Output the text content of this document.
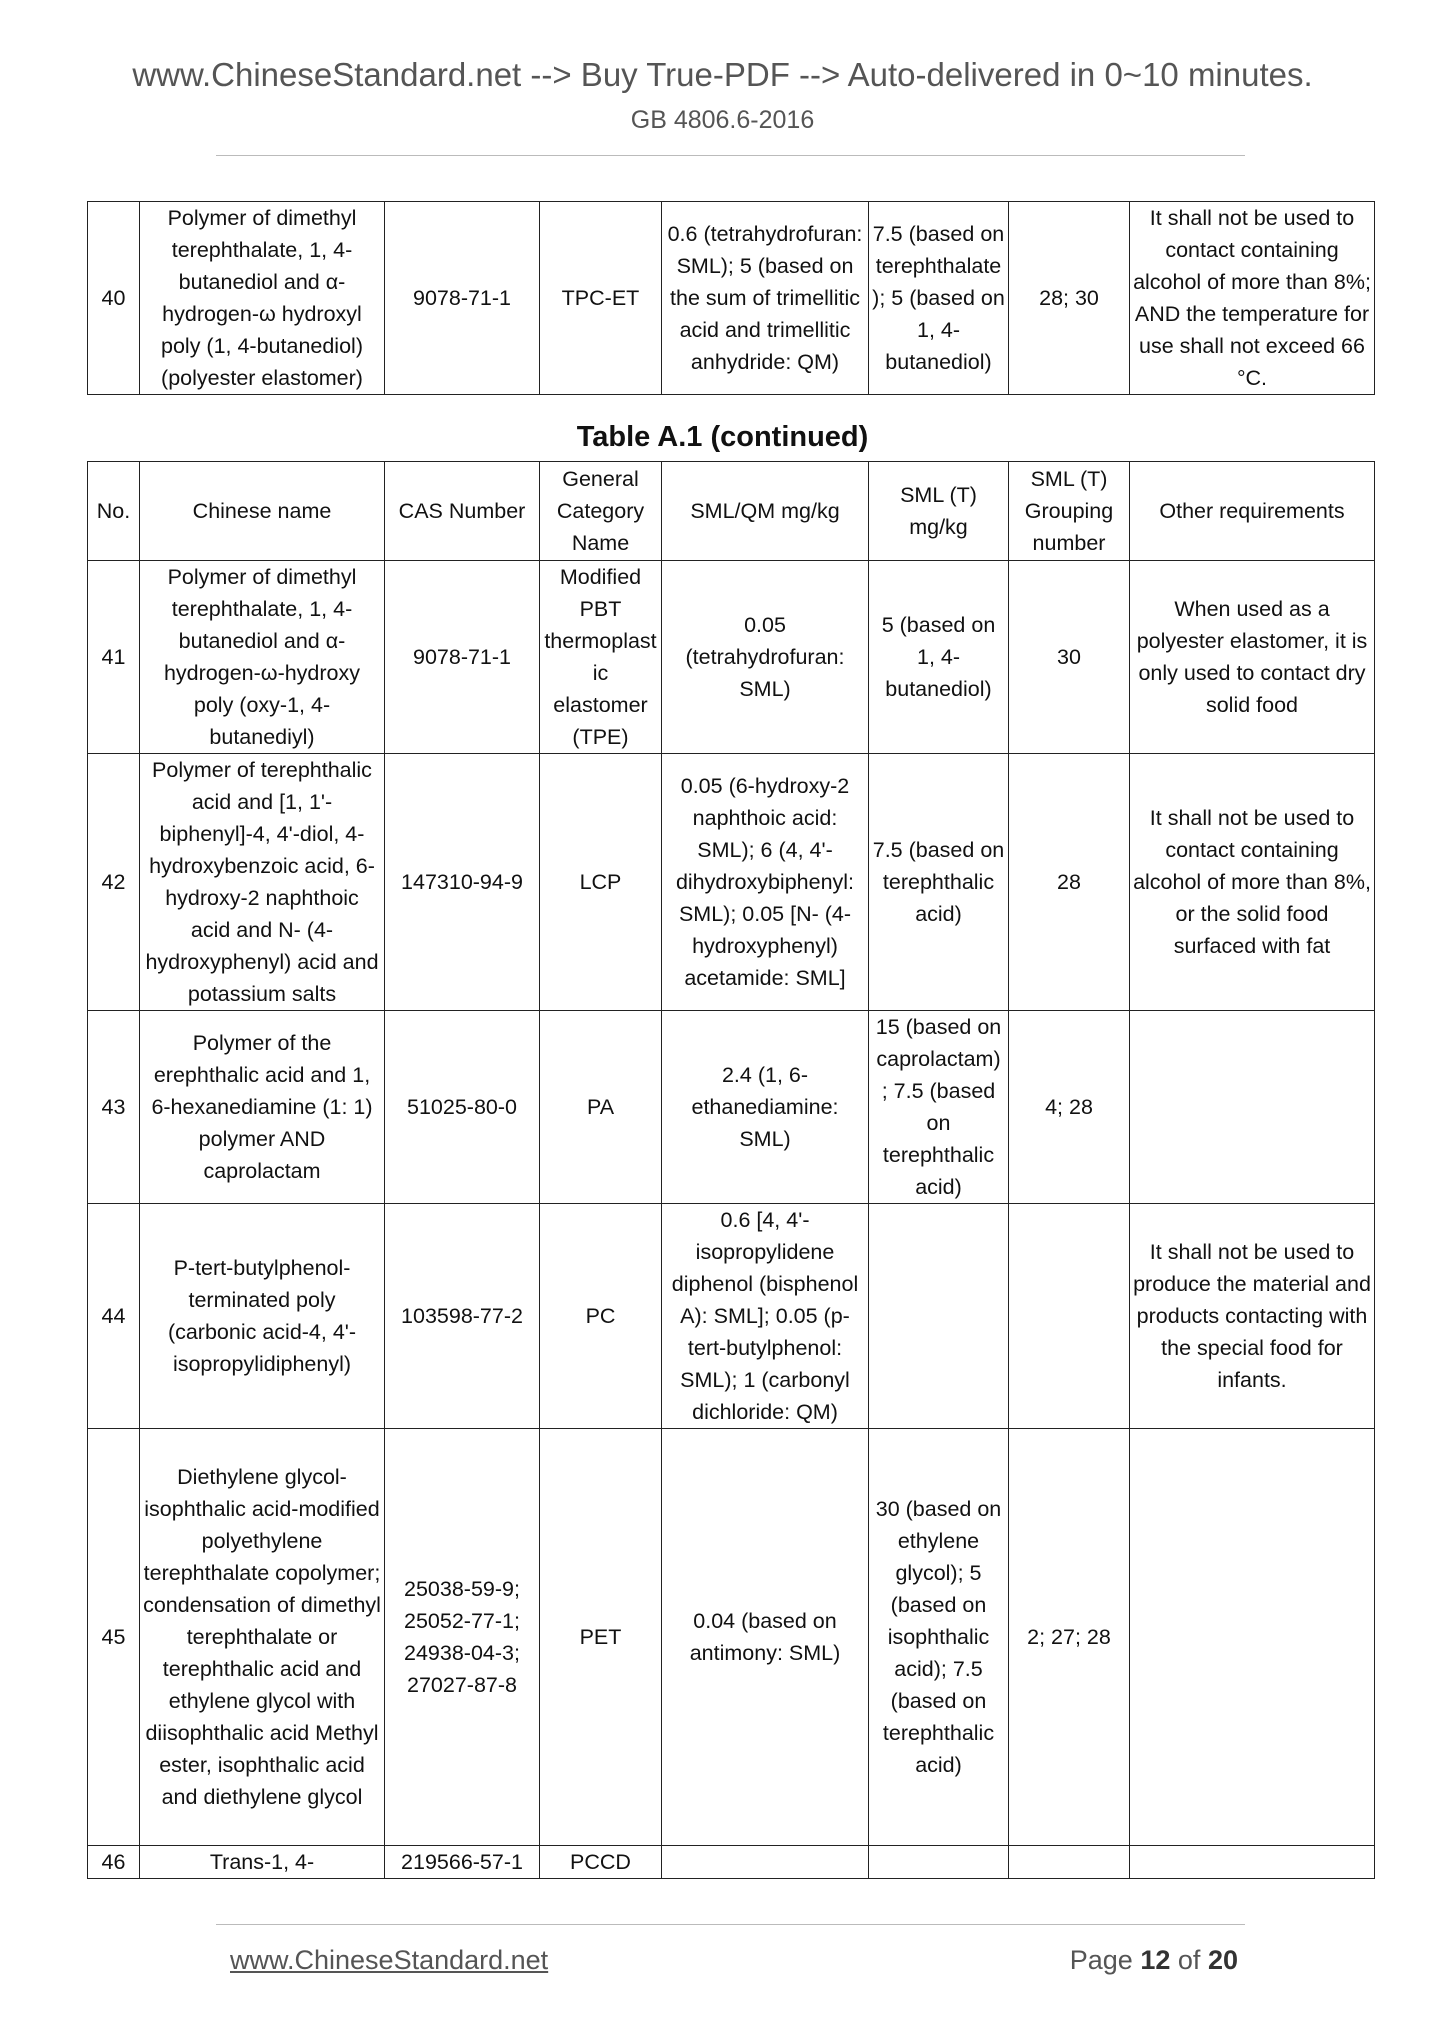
www.ChineseStandard.net --> Buy True-PDF --> Auto-delivered in 0~10 minutes.
GB 4806.6-2016
40	Polymer of dimethyl terephthalate, 1, 4-butanediol and α-hydrogen-ω hydroxyl poly (1, 4-butanediol) (polyester elastomer)	9078-71-1	TPC-ET	0.6 (tetrahydrofuran: SML); 5 (based on the sum of trimellitic acid and trimellitic anhydride: QM)	7.5 (based on terephthalate ); 5 (based on 1, 4-butanediol)	28; 30	It shall not be used to contact containing alcohol of more than 8%; AND the temperature for use shall not exceed 66 °C.
Table A.1 (continued)
No.	Chinese name	CAS Number	General Category Name	SML/QM mg/kg	SML (T) mg/kg	SML (T) Grouping number	Other requirements
41	Polymer of dimethyl terephthalate, 1, 4-butanediol and α-hydrogen-ω-hydroxy poly (oxy-1, 4-butanediyl)	9078-71-1	Modified PBT thermoplastic elastomer (TPE)	0.05 (tetrahydrofuran: SML)	5 (based on 1, 4-butanediol)	30	When used as a polyester elastomer, it is only used to contact dry solid food
42	Polymer of terephthalic acid and [1, 1'-biphenyl]-4, 4'-diol, 4-hydroxybenzoic acid, 6-hydroxy-2 naphthoic acid and N- (4-hydroxyphenyl) acid and potassium salts	147310-94-9	LCP	0.05 (6-hydroxy-2 naphthoic acid: SML); 6 (4, 4'-dihydroxybiphenyl: SML); 0.05 [N- (4-hydroxyphenyl) acetamide: SML]	7.5 (based on terephthalic acid)	28	It shall not be used to contact containing alcohol of more than 8%, or the solid food surfaced with fat
43	Polymer of the erephthalic acid and 1, 6-hexanediamine (1: 1) polymer AND caprolactam	51025-80-0	PA	2.4 (1, 6-ethanediamine: SML)	15 (based on caprolactam) ; 7.5 (based on terephthalic acid)	4; 28	
44	P-tert-butylphenol-terminated poly (carbonic acid-4, 4'-isopropylidiphenyl)	103598-77-2	PC	0.6 [4, 4'-isopropylidene diphenol (bisphenol A): SML]; 0.05 (p-tert-butylphenol: SML); 1 (carbonyl dichloride: QM)			It shall not be used to produce the material and products contacting with the special food for infants.
45	Diethylene glycol-isophthalic acid-modified polyethylene terephthalate copolymer; condensation of dimethyl terephthalate or terephthalic acid and ethylene glycol with diisophthalic acid Methyl ester, isophthalic acid and diethylene glycol	25038-59-9; 25052-77-1; 24938-04-3; 27027-87-8	PET	0.04 (based on antimony: SML)	30 (based on ethylene glycol); 5 (based on isophthalic acid); 7.5 (based on terephthalic acid)	2; 27; 28	
46	Trans-1, 4-	219566-57-1	PCCD				
www.ChineseStandard.net	Page 12 of 20
